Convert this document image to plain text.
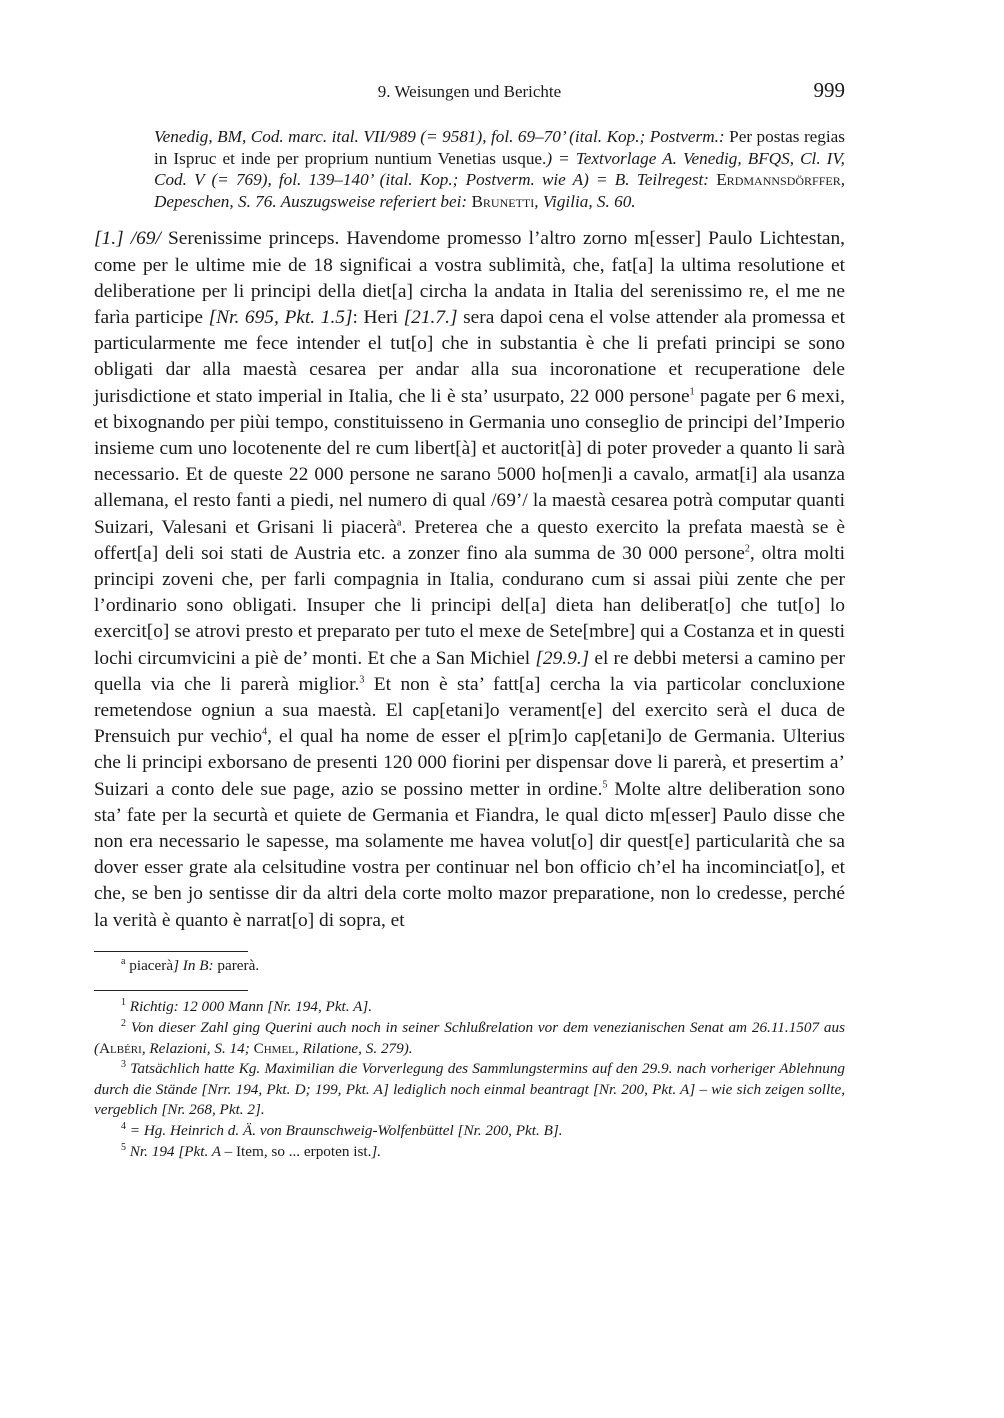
9. Weisungen und Berichte	999

Venedig, BM, Cod. marc. ital. VII/989 (= 9581), fol. 69–70’ (ital. Kop.; Postverm.: Per postas regias in Ispruc et inde per proprium nuntium Venetias usque.) = Textvorlage A. Venedig, BFQS, Cl. IV, Cod. V (= 769), fol. 139–140’ (ital. Kop.; Postverm. wie A) = B. Teilregest: Erdmannsdörffer, Depeschen, S. 76. Auszugsweise referiert bei: Brunetti, Vigilia, S. 60.

[1.] /69/ Serenissime princeps. Havendome promesso l’altro zorno m[esser] Paulo Lichtestan, come per le ultime mie de 18 significai a vostra sublimità, che, fat[a] la ultima resolutione et deliberatione per li principi della diet[a] circha la andata in Italia del serenissimo re, el me ne farìa participe [Nr. 695, Pkt. 1.5]: Heri [21.7.] sera dapoi cena el volse attender ala promessa et particularmente me fece intender el tut[o] che in substantia è che li prefati principi se sono obligati dar alla maestà cesarea per andar alla sua incoronatione et recuperatione dele jurisdictione et stato imperial in Italia, che li è sta’ usurpato, 22 000 persone$^1$ pagate per 6 mexi, et bixognando per piùi tempo, constituisseno in Germania uno conseglio de principi del’Imperio insieme cum uno locotenente del re cum libert[à] et auctorit[à] di poter proveder a quanto li sarà necessario. Et de queste 22 000 persone ne sarano 5000 ho[men]i a cavalo, armat[i] ala usanza allemana, el resto fanti a piedi, nel numero di qual /69’/ la maestà cesarea potrà computar quanti Suizari, Valesani et Grisani li piacerà$^a$. Preterea che a questo exercito la prefata maestà se è offert[a] deli soi stati de Austria etc. a zonzer fino ala summa de 30 000 persone$^2$, oltra molti principi zoveni che, per farli compagnia in Italia, condurano cum si assai piùi zente che per l’ordinario sono obligati. Insuper che li principi del[a] dieta han deliberat[o] che tut[o] lo exercit[o] se atrovi presto et preparato per tuto el mexe de Sete[mbre] qui a Costanza et in questi lochi circumvicini a piè de’ monti. Et che a San Michiel [29.9.] el re debbi metersi a camino per quella via che li parerà miglior.$^3$ Et non è sta’ fatt[a] cercha la via particolar concluxione remetendose ogniun a sua maestà. El cap[etani]o verament[e] del exercito serà el duca de Prensuich pur vechio$^4$, el qual ha nome de esser el p[rim]o cap[etani]o de Germania. Ulterius che li principi exborsano de presenti 120 000 fiorini per dispensar dove li parerà, et presertim a’ Suizari a conto dele sue page, azio se possino metter in ordine.$^5$ Molte altre deliberation sono sta’ fate per la securtà et quiete de Germania et Fiandra, le qual dicto m[esser] Paulo disse che non era necessario le sapesse, ma solamente me havea volut[o] dir quest[e] particularità che sa dover esser grate ala celsitudine vostra per continuar nel bon officio ch’el ha incominciat[o], et che, se ben jo sentisse dir da altri dela corte molto mazor preparatione, non lo credesse, perché la verità è quanto è narrat[o] di sopra, et

$^a$ piacerà] In B: parerà.

$^1$ Richtig: 12 000 Mann [Nr. 194, Pkt. A].

$^2$ Von dieser Zahl ging Querini auch noch in seiner Schlußrelation vor dem venezianischen Senat am 26.11.1507 aus (Albéri, Relazioni, S. 14; Chmel, Rilatione, S. 279).

$^3$ Tatsächlich hatte Kg. Maximilian die Vorverlegung des Sammlungstermins auf den 29.9. nach vorheriger Ablehnung durch die Stände [Nrr. 194, Pkt. D; 199, Pkt. A] lediglich noch einmal beantragt [Nr. 200, Pkt. A] – wie sich zeigen sollte, vergeblich [Nr. 268, Pkt. 2].

$^4$ = Hg. Heinrich d. Ä. von Braunschweig-Wolfenbüttel [Nr. 200, Pkt. B].

$^5$ Nr. 194 [Pkt. A – Item, so ... erpoten ist.].
